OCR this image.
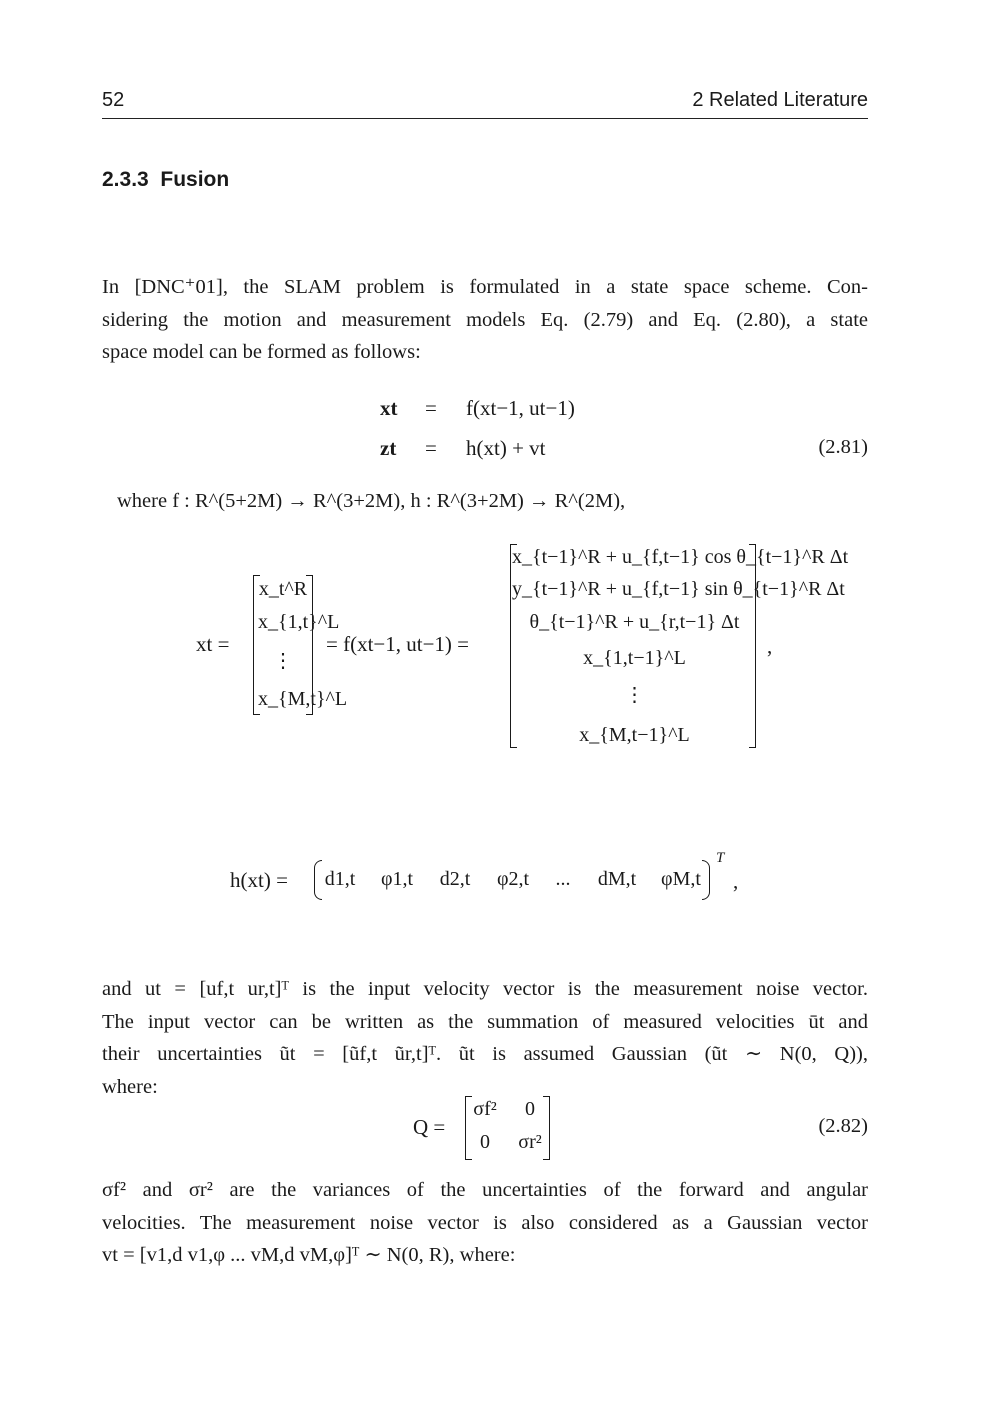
52	2 Related Literature
2.3.3 Fusion
In [DNC⁺01], the SLAM problem is formulated in a state space scheme. Con-
sidering the motion and measurement models Eq. (2.79) and Eq. (2.80), a state
space model can be formed as follows:
xt = f(xt−1, ut−1)
zt = h(xt) + vt	(2.81)
where f : R^(5+2M) → R^(3+2M), h : R^(3+2M) → R^(2M),
xt =
x_t^R
x_{1,t}^L
⋮
x_{M,t}^L
= f(xt−1, ut−1) =
x_{t−1}^R + u_{f,t−1} cos θ_{t−1}^R Δt
y_{t−1}^R + u_{f,t−1} sin θ_{t−1}^R Δt
θ_{t−1}^R + u_{r,t−1} Δt
x_{1,t−1}^L
⋮
x_{M,t−1}^L
,
h(xt) = d1,t φ1,t d2,t φ2,t	...	dM,t φM,t
T
,
and ut = [uf,t ur,t]ᵀ is the input velocity vector is the measurement noise vector.
The input vector can be written as the summation of measured velocities ūt and
their uncertainties ũt = [ũf,t ũr,t]ᵀ. ũt is assumed Gaussian (ũt ∼ N(0, Q)),
where:
Q =
σf²	0
0	σr²
(2.82)
σf² and σr² are the variances of the uncertainties of the forward and angular
velocities. The measurement noise vector is also considered as a Gaussian vector
vt = [v1,d v1,φ ... vM,d vM,φ]ᵀ ∼ N(0, R), where:
